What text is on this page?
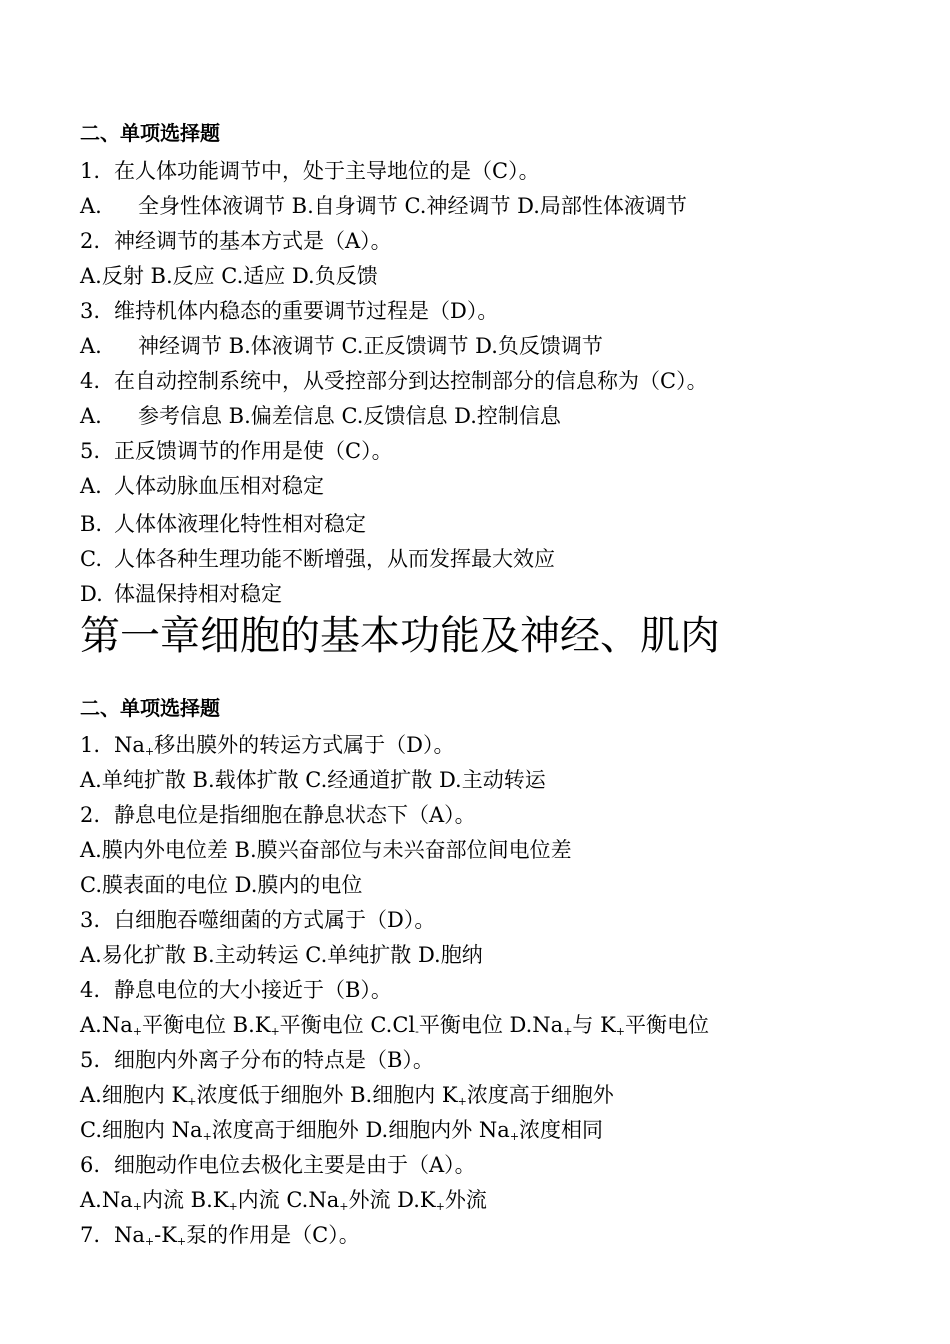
二、单项选择题
1. 在人体功能调节中，处于主导地位的是（C）。
A. 全身性体液调节 B.自身调节 C.神经调节 D.局部性体液调节
2. 神经调节的基本方式是（A）。
A.反射 B.反应 C.适应 D.负反馈
3. 维持机体内稳态的重要调节过程是（D）。
A. 神经调节 B.体液调节 C.正反馈调节 D.负反馈调节
4. 在自动控制系统中，从受控部分到达控制部分的信息称为（C）。
A. 参考信息 B.偏差信息 C.反馈信息 D.控制信息
5. 正反馈调节的作用是使（C）。
A. 人体动脉血压相对稳定
B. 人体体液理化特性相对稳定
C. 人体各种生理功能不断增强，从而发挥最大效应
D. 体温保持相对稳定
第一章细胞的基本功能及神经、肌肉
二、单项选择题
1. $Na_+$移出膜外的转运方式属于（D）。
A.单纯扩散 B.载体扩散 C.经通道扩散 D.主动转运
2. 静息电位是指细胞在静息状态下（A）。
A.膜内外电位差 B.膜兴奋部位与未兴奋部位间电位差
C.膜表面的电位 D.膜内的电位
3. 白细胞吞噬细菌的方式属于（D）。
A.易化扩散 B.主动转运 C.单纯扩散 D.胞纳
4. 静息电位的大小接近于（B）。
$A.Na_+$平衡电位 $B.K_+$平衡电位 $C.Cl_-$平衡电位 $D.Na_+$与 $K_+$平衡电位
5. 细胞内外离子分布的特点是（B）。
A.细胞内 $K_+$浓度低于细胞外 B.细胞内 $K_+$浓度高于细胞外
C.细胞内 $Na_+$浓度高于细胞外 D.细胞内外 $Na_+$浓度相同
6. 细胞动作电位去极化主要是由于（A）。
$A.Na_+$内流 $B.K_+$内流 $C.Na_+$外流 $D.K_+$外流
7. $Na_+-K_+$泵的作用是（C）。
